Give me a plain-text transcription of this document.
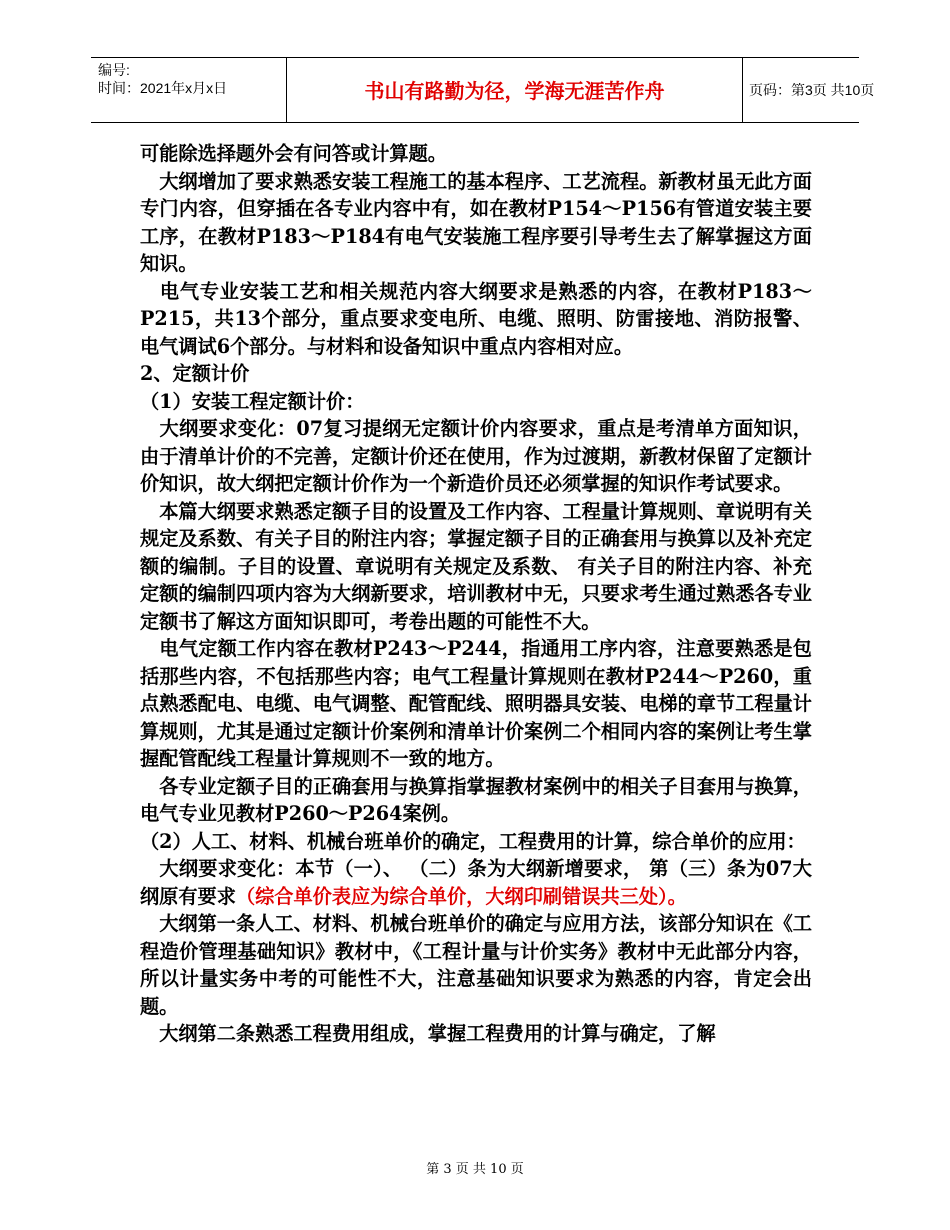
编号:
时间：2021年x月x日	书山有路勤为径，学海无涯苦作舟	页码：第3页 共10页

可能除选择题外会有问答或计算题。

　大纲增加了要求熟悉安装工程施工的基本程序、工艺流程。新教材虽无此方面专门内容，但穿插在各专业内容中有，如在教材P154～P156有管道安装主要工序，在教材P183～P184有电气安装施工程序要引导考生去了解掌握这方面知识。

　电气专业安装工艺和相关规范内容大纲要求是熟悉的内容，在教材P183～P215，共13个部分，重点要求变电所、电缆、照明、防雷接地、消防报警、电气调试6个部分。与材料和设备知识中重点内容相对应。

2、定额计价

（1）安装工程定额计价：

　大纲要求变化：07复习提纲无定额计价内容要求，重点是考清单方面知识，由于清单计价的不完善，定额计价还在使用，作为过渡期，新教材保留了定额计价知识，故大纲把定额计价作为一个新造价员还必须掌握的知识作考试要求。

　本篇大纲要求熟悉定额子目的设置及工作内容、工程量计算规则、章说明有关规定及系数、有关子目的附注内容；掌握定额子目的正确套用与换算以及补充定额的编制。子目的设置、章说明有关规定及系数、 有关子目的附注内容、补充定额的编制四项内容为大纲新要求，培训教材中无，只要求考生通过熟悉各专业定额书了解这方面知识即可，考卷出题的可能性不大。

　电气定额工作内容在教材P243～P244，指通用工序内容，注意要熟悉是包括那些内容，不包括那些内容；电气工程量计算规则在教材P244～P260，重点熟悉配电、电缆、电气调整、配管配线、照明器具安装、电梯的章节工程量计算规则，尤其是通过定额计价案例和清单计价案例二个相同内容的案例让考生掌握配管配线工程量计算规则不一致的地方。

　各专业定额子目的正确套用与换算指掌握教材案例中的相关子目套用与换算，电气专业见教材P260～P264案例。

（2）人工、材料、机械台班单价的确定，工程费用的计算，综合单价的应用：

　大纲要求变化：本节（一）、 （二）条为大纲新增要求， 第（三）条为07大纲原有要求（综合单价表应为综合单价，大纲印刷错误共三处）。

　大纲第一条人工、材料、机械台班单价的确定与应用方法，该部分知识在《工程造价管理基础知识》教材中，《工程计量与计价实务》教材中无此部分内容，所以计量实务中考的可能性不大，注意基础知识要求为熟悉的内容，肯定会出题。

　大纲第二条熟悉工程费用组成，掌握工程费用的计算与确定，了解

第 3 页 共 10 页
